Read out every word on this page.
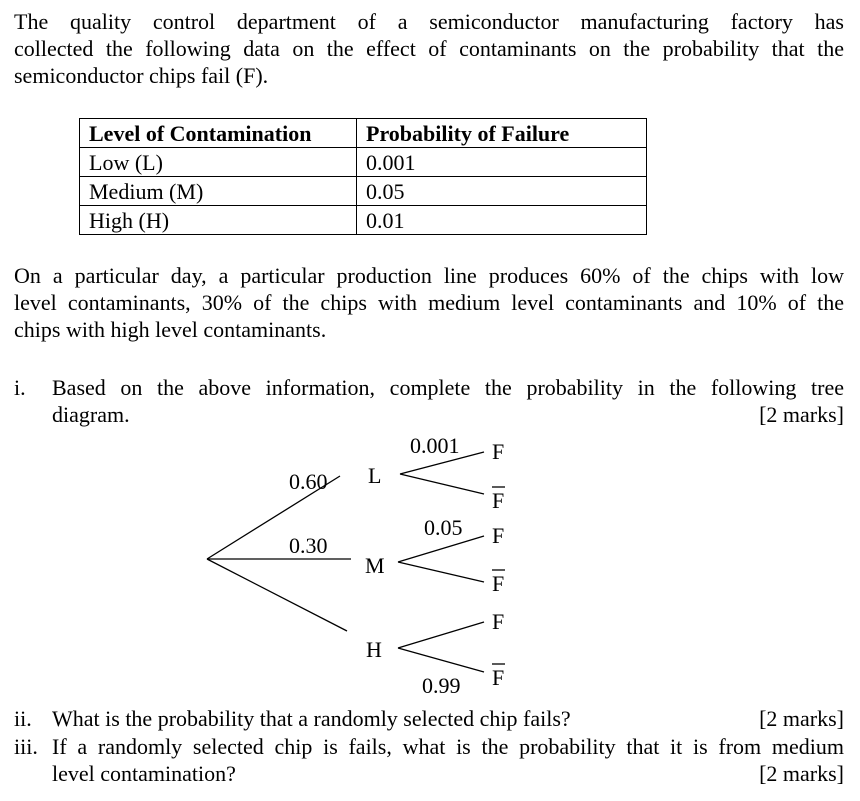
The quality control department of a semiconductor manufacturing factory has
collected the following data on the effect of contaminants on the probability that the
semiconductor chips fail (F).
Level of Contamination	Probability of Failure
Low (L)	0.001
Medium (M)	0.05
High (H)	0.01
On a particular day, a particular production line produces 60% of the chips with low
level contaminants, 30% of the chips with medium level contaminants and 10% of the
chips with high level contaminants.
i. Based on the above information, complete the probability in the following tree
diagram.	[2 marks]
0.60
0.30
L
M
H
0.001
0.05
0.99
F
F
F
F
F
F
ii. What is the probability that a randomly selected chip fails?	[2 marks]
iii. If a randomly selected chip is fails, what is the probability that it is from medium
level contamination?	[2 marks]
